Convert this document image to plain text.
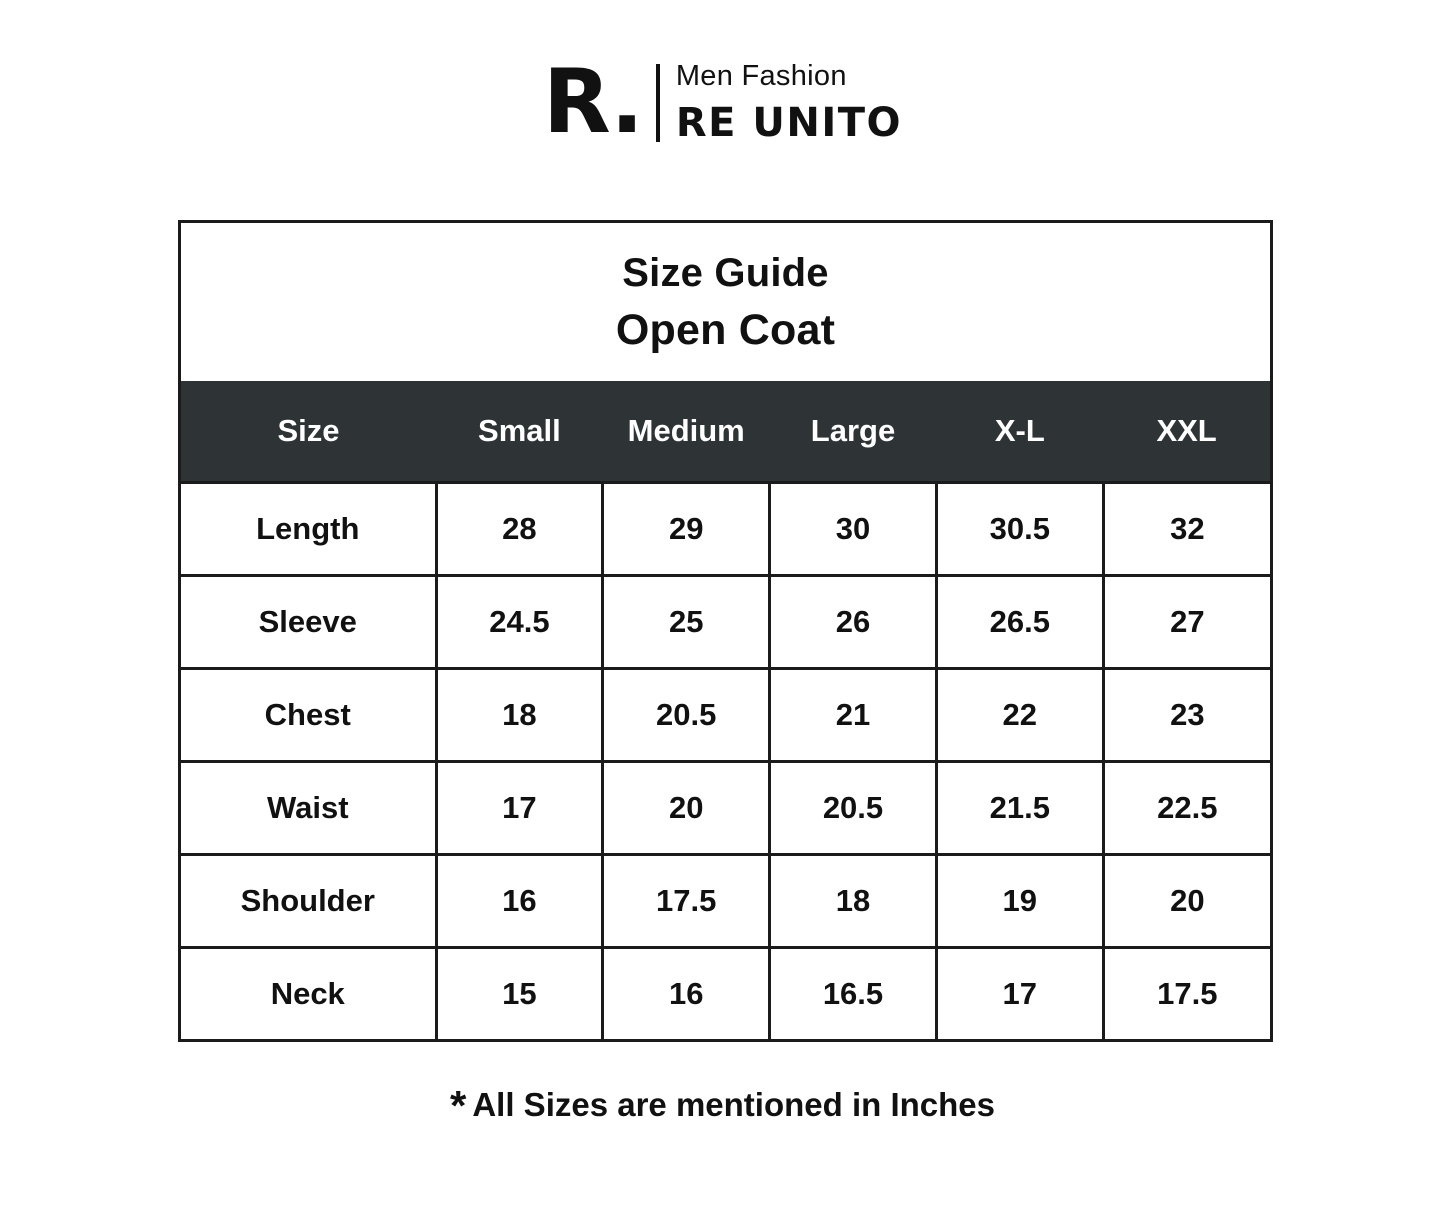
R.	Men Fashion
RE UNITO
Size Guide
Open Coat
Size	Small	Medium	Large	X-L	XXL
Length	28	29	30	30.5	32
Sleeve	24.5	25	26	26.5	27
Chest	18	20.5	21	22	23
Waist	17	20	20.5	21.5	22.5
Shoulder	16	17.5	18	19	20
Neck	15	16	16.5	17	17.5
* All Sizes are mentioned in Inches
